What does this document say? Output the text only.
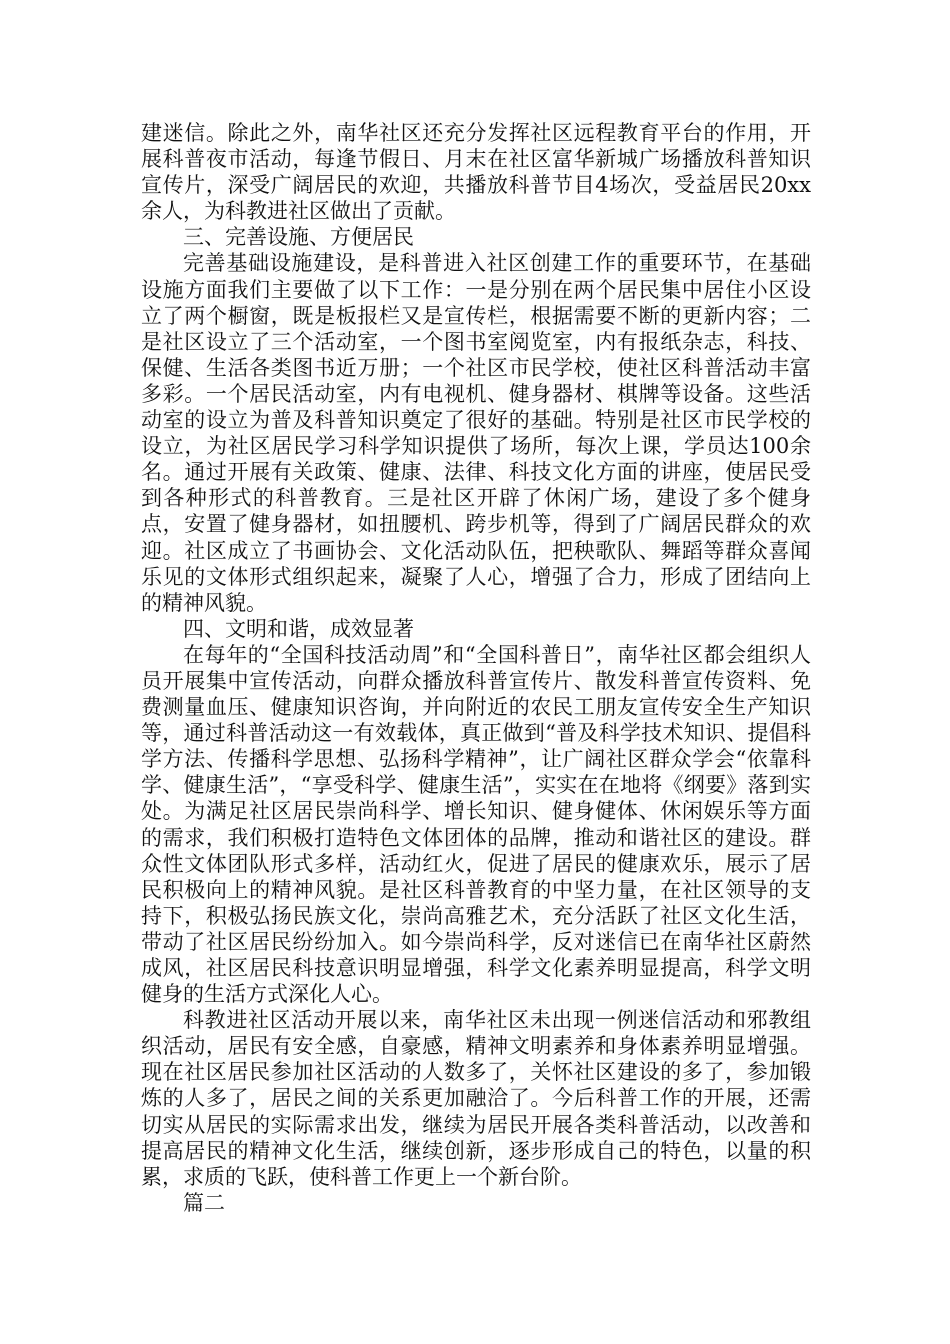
建迷信。除此之外，南华社区还充分发挥社区远程教育平台的作用，开展科普夜市活动，每逢节假日、月末在社区富华新城广场播放科普知识宣传片，深受广阔居民的欢迎，共播放科普节目4场次，受益居民20xx余人，为科教进社区做出了贡献。

三、完善设施、方便居民

完善基础设施建设，是科普进入社区创建工作的重要环节，在基础设施方面我们主要做了以下工作：一是分别在两个居民集中居住小区设立了两个橱窗，既是板报栏又是宣传栏，根据需要不断的更新内容；二是社区设立了三个活动室，一个图书室阅览室，内有报纸杂志，科技、保健、生活各类图书近万册；一个社区市民学校，使社区科普活动丰富多彩。一个居民活动室，内有电视机、健身器材、棋牌等设备。这些活动室的设立为普及科普知识奠定了很好的基础。特别是社区市民学校的设立，为社区居民学习科学知识提供了场所，每次上课，学员达100余名。通过开展有关政策、健康、法律、科技文化方面的讲座，使居民受到各种形式的科普教育。三是社区开辟了休闲广场，建设了多个健身点，安置了健身器材，如扭腰机、跨步机等，得到了广阔居民群众的欢迎。社区成立了书画协会、文化活动队伍，把秧歌队、舞蹈等群众喜闻乐见的文体形式组织起来，凝聚了人心，增强了合力，形成了团结向上的精神风貌。

四、文明和谐，成效显著

在每年的“全国科技活动周”和“全国科普日”，南华社区都会组织人员开展集中宣传活动，向群众播放科普宣传片、散发科普宣传资料、免费测量血压、健康知识咨询，并向附近的农民工朋友宣传安全生产知识等，通过科普活动这一有效载体，真正做到“普及科学技术知识、提倡科学方法、传播科学思想、弘扬科学精神”，让广阔社区群众学会“依靠科学、健康生活”，“享受科学、健康生活”，实实在在地将《纲要》落到实处。为满足社区居民崇尚科学、增长知识、健身健体、休闲娱乐等方面的需求，我们积极打造特色文体团体的品牌，推动和谐社区的建设。群众性文体团队形式多样，活动红火，促进了居民的健康欢乐，展示了居民积极向上的精神风貌。是社区科普教育的中坚力量，在社区领导的支持下，积极弘扬民族文化，崇尚高雅艺术，充分活跃了社区文化生活，带动了社区居民纷纷加入。如今崇尚科学，反对迷信已在南华社区蔚然成风，社区居民科技意识明显增强，科学文化素养明显提高，科学文明健身的生活方式深化人心。

科教进社区活动开展以来，南华社区未出现一例迷信活动和邪教组织活动，居民有安全感，自豪感，精神文明素养和身体素养明显增强。现在社区居民参加社区活动的人数多了，关怀社区建设的多了，参加锻炼的人多了，居民之间的关系更加融洽了。今后科普工作的开展，还需切实从居民的实际需求出发，继续为居民开展各类科普活动，以改善和提高居民的精神文化生活，继续创新，逐步形成自己的特色，以量的积累，求质的飞跃，使科普工作更上一个新台阶。

篇二
